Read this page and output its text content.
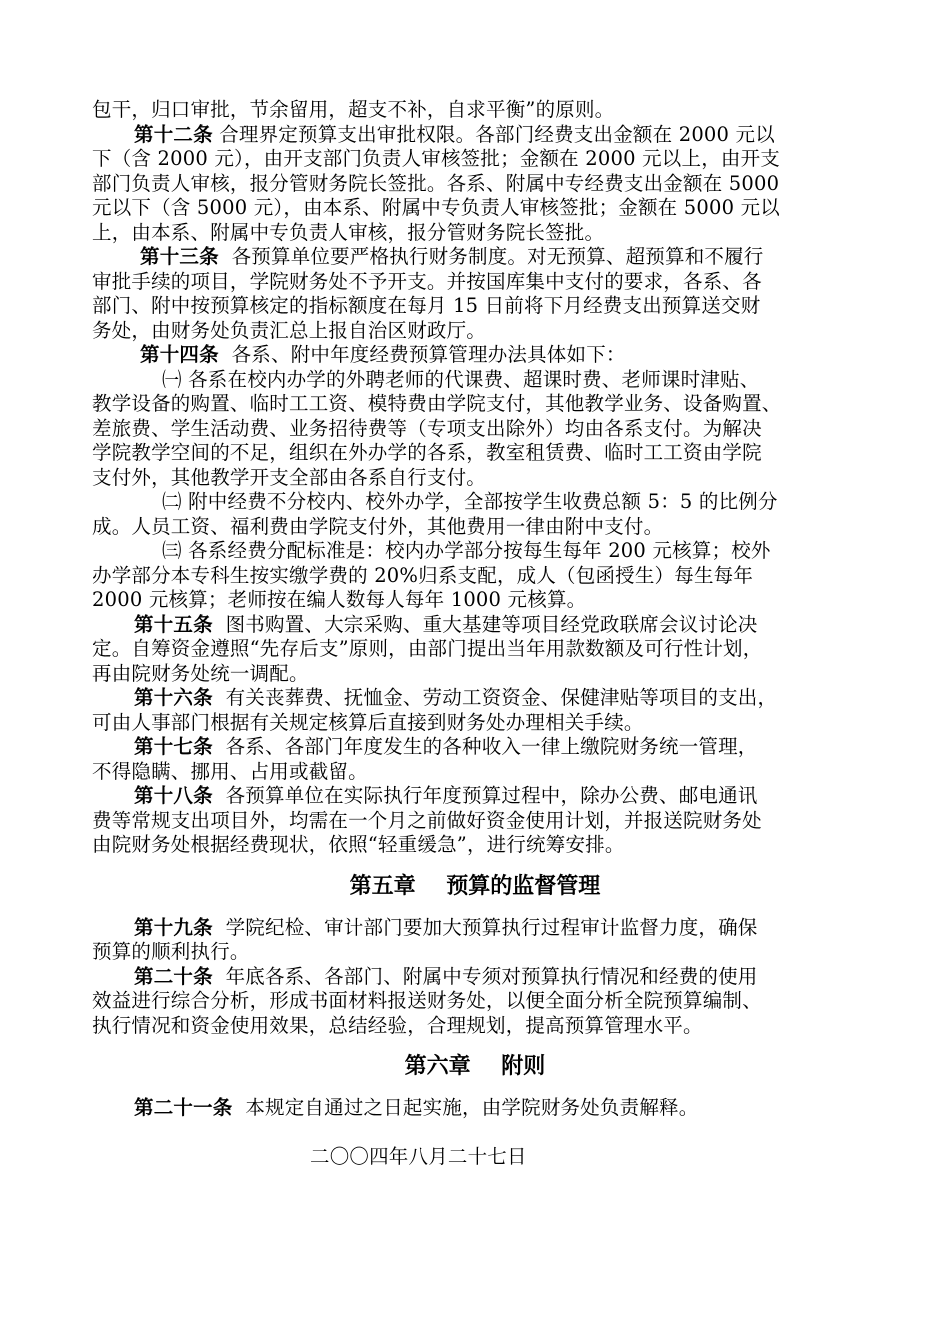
包干，归口审批，节余留用，超支不补，自求平衡”的原则。
第十二条 合理界定预算支出审批权限。各部门经费支出金额在 2000 元以
下（含 2000 元），由开支部门负责人审核签批；金额在 2000 元以上，由开支
部门负责人审核，报分管财务院长签批。各系、附属中专经费支出金额在 5000
元以下（含 5000 元），由本系、附属中专负责人审核签批；金额在 5000 元以
上，由本系、附属中专负责人审核，报分管财务院长签批。
第十三条  各预算单位要严格执行财务制度。对无预算、超预算和不履行
审批手续的项目，学院财务处不予开支。并按国库集中支付的要求，各系、各
部门、附中按预算核定的指标额度在每月 15 日前将下月经费支出预算送交财
务处，由财务处负责汇总上报自治区财政厅。
第十四条  各系、附中年度经费预算管理办法具体如下：
㈠ 各系在校内办学的外聘老师的代课费、超课时费、老师课时津贴、
教学设备的购置、临时工工资、模特费由学院支付，其他教学业务、设备购置、
差旅费、学生活动费、业务招待费等（专项支出除外）均由各系支付。为解决
学院教学空间的不足，组织在外办学的各系，教室租赁费、临时工工资由学院
支付外，其他教学开支全部由各系自行支付。
㈡ 附中经费不分校内、校外办学，全部按学生收费总额 5：5 的比例分
成。人员工资、福利费由学院支付外，其他费用一律由附中支付。
㈢ 各系经费分配标准是：校内办学部分按每生每年 200 元核算；校外
办学部分本专科生按实缴学费的 20%归系支配，成人（包函授生）每生每年
2000 元核算；老师按在编人数每人每年 1000 元核算。
第十五条  图书购置、大宗采购、重大基建等项目经党政联席会议讨论决
定。自筹资金遵照“先存后支”原则，由部门提出当年用款数额及可行性计划，
再由院财务处统一调配。
第十六条  有关丧葬费、抚恤金、劳动工资资金、保健津贴等项目的支出，
可由人事部门根据有关规定核算后直接到财务处办理相关手续。
第十七条  各系、各部门年度发生的各种收入一律上缴院财务统一管理，
不得隐瞒、挪用、占用或截留。
第十八条  各预算单位在实际执行年度预算过程中，除办公费、邮电通讯
费等常规支出项目外，均需在一个月之前做好资金使用计划，并报送院财务处
由院财务处根据经费现状，依照“轻重缓急”，进行统筹安排。
第五章    预算的监督管理
第十九条  学院纪检、审计部门要加大预算执行过程审计监督力度，确保
预算的顺利执行。
第二十条  年底各系、各部门、附属中专须对预算执行情况和经费的使用
效益进行综合分析，形成书面材料报送财务处，以便全面分析全院预算编制、
执行情况和资金使用效果，总结经验，合理规划，提高预算管理水平。
第六章    附则
第二十一条  本规定自通过之日起实施，由学院财务处负责解释。
二〇〇四年八月二十七日
